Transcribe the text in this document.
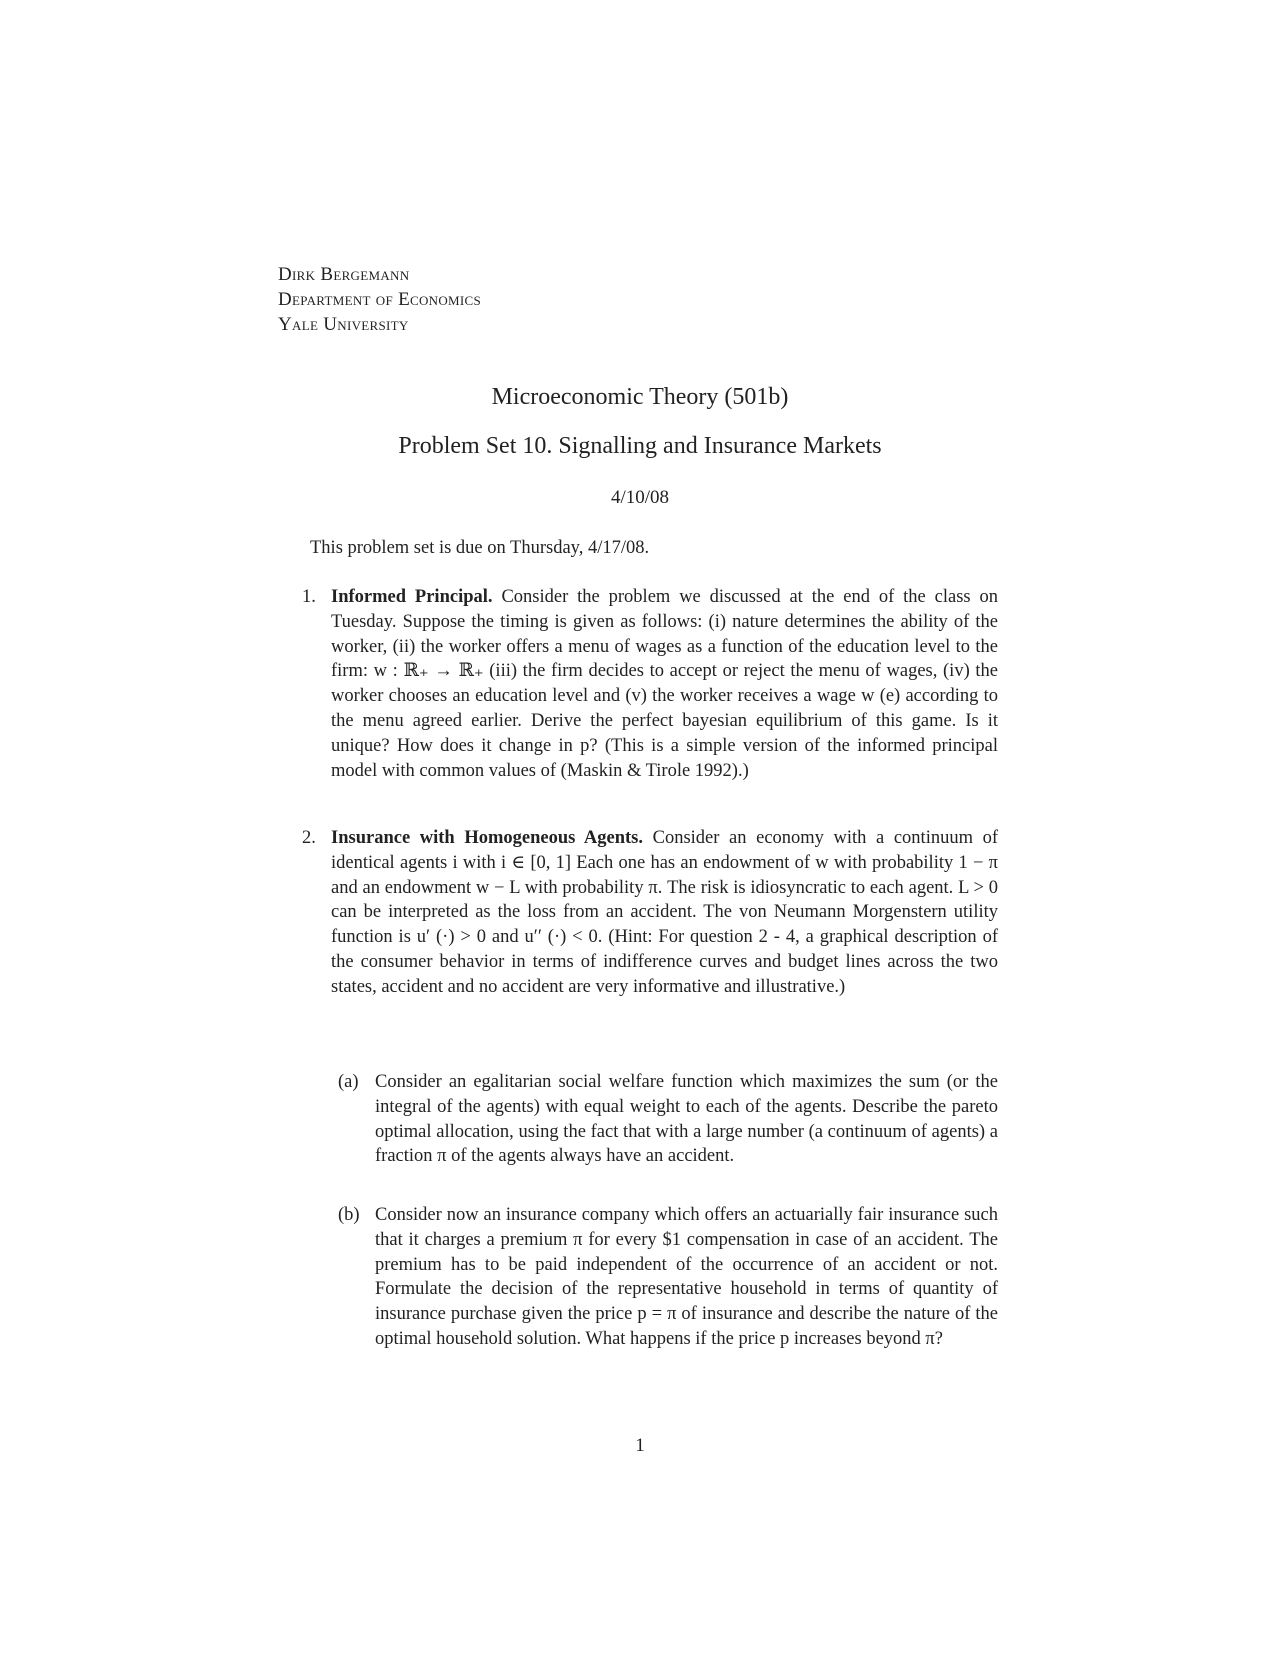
Dirk Bergemann
Department of Economics
Yale University
Microeconomic Theory (501b)
Problem Set 10. Signalling and Insurance Markets
4/10/08
This problem set is due on Thursday, 4/17/08.
1. Informed Principal. Consider the problem we discussed at the end of the class on Tuesday. Suppose the timing is given as follows: (i) nature determines the ability of the worker, (ii) the worker offers a menu of wages as a function of the education level to the firm: w : ℝ₊ → ℝ₊ (iii) the firm decides to accept or reject the menu of wages, (iv) the worker chooses an education level and (v) the worker receives a wage w (e) according to the menu agreed earlier. Derive the perfect bayesian equilibrium of this game. Is it unique? How does it change in p? (This is a simple version of the informed principal model with common values of (Maskin & Tirole 1992).)
2. Insurance with Homogeneous Agents. Consider an economy with a continuum of identical agents i with i ∈ [0, 1] Each one has an endowment of w with probability 1 − π and an endowment w − L with probability π. The risk is idiosyncratic to each agent. L > 0 can be interpreted as the loss from an accident. The von Neumann Morgenstern utility function is u′ (·) > 0 and u′′ (·) < 0. (Hint: For question 2 - 4, a graphical description of the consumer behavior in terms of indifference curves and budget lines across the two states, accident and no accident are very informative and illustrative.)
(a) Consider an egalitarian social welfare function which maximizes the sum (or the integral of the agents) with equal weight to each of the agents. Describe the pareto optimal allocation, using the fact that with a large number (a continuum of agents) a fraction π of the agents always have an accident.
(b) Consider now an insurance company which offers an actuarially fair insurance such that it charges a premium π for every $1 compensation in case of an accident. The premium has to be paid independent of the occurrence of an accident or not. Formulate the decision of the representative household in terms of quantity of insurance purchase given the price p = π of insurance and describe the nature of the optimal household solution. What happens if the price p increases beyond π?
1
